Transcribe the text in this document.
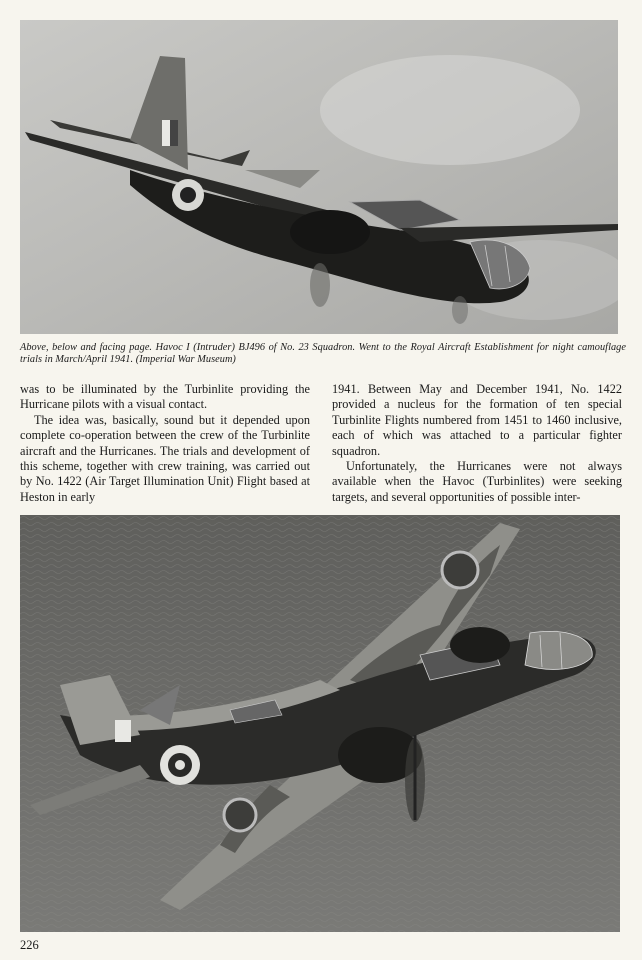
Above, below and facing page. Havoc I (Intruder) BJ496 of No. 23 Squadron. Went to the Royal Aircraft Establishment for night camouflage trials in March/April 1941. (Imperial War Museum)

was to be illuminated by the Turbinlite providing the Hurricane pilots with a visual contact.

The idea was, basically, sound but it depended upon complete co-operation between the crew of the Turbinlite aircraft and the Hurricanes. The trials and development of this scheme, together with crew training, was carried out by No. 1422 (Air Target Illumination Unit) Flight based at Heston in early

1941. Between May and December 1941, No. 1422 provided a nucleus for the formation of ten special Turbinlite Flights numbered from 1451 to 1460 inclusive, each of which was attached to a particular fighter squadron.

Unfortunately, the Hurricanes were not always available when the Havoc (Turbinlites) were seeking targets, and several opportunities of possible inter-

226
